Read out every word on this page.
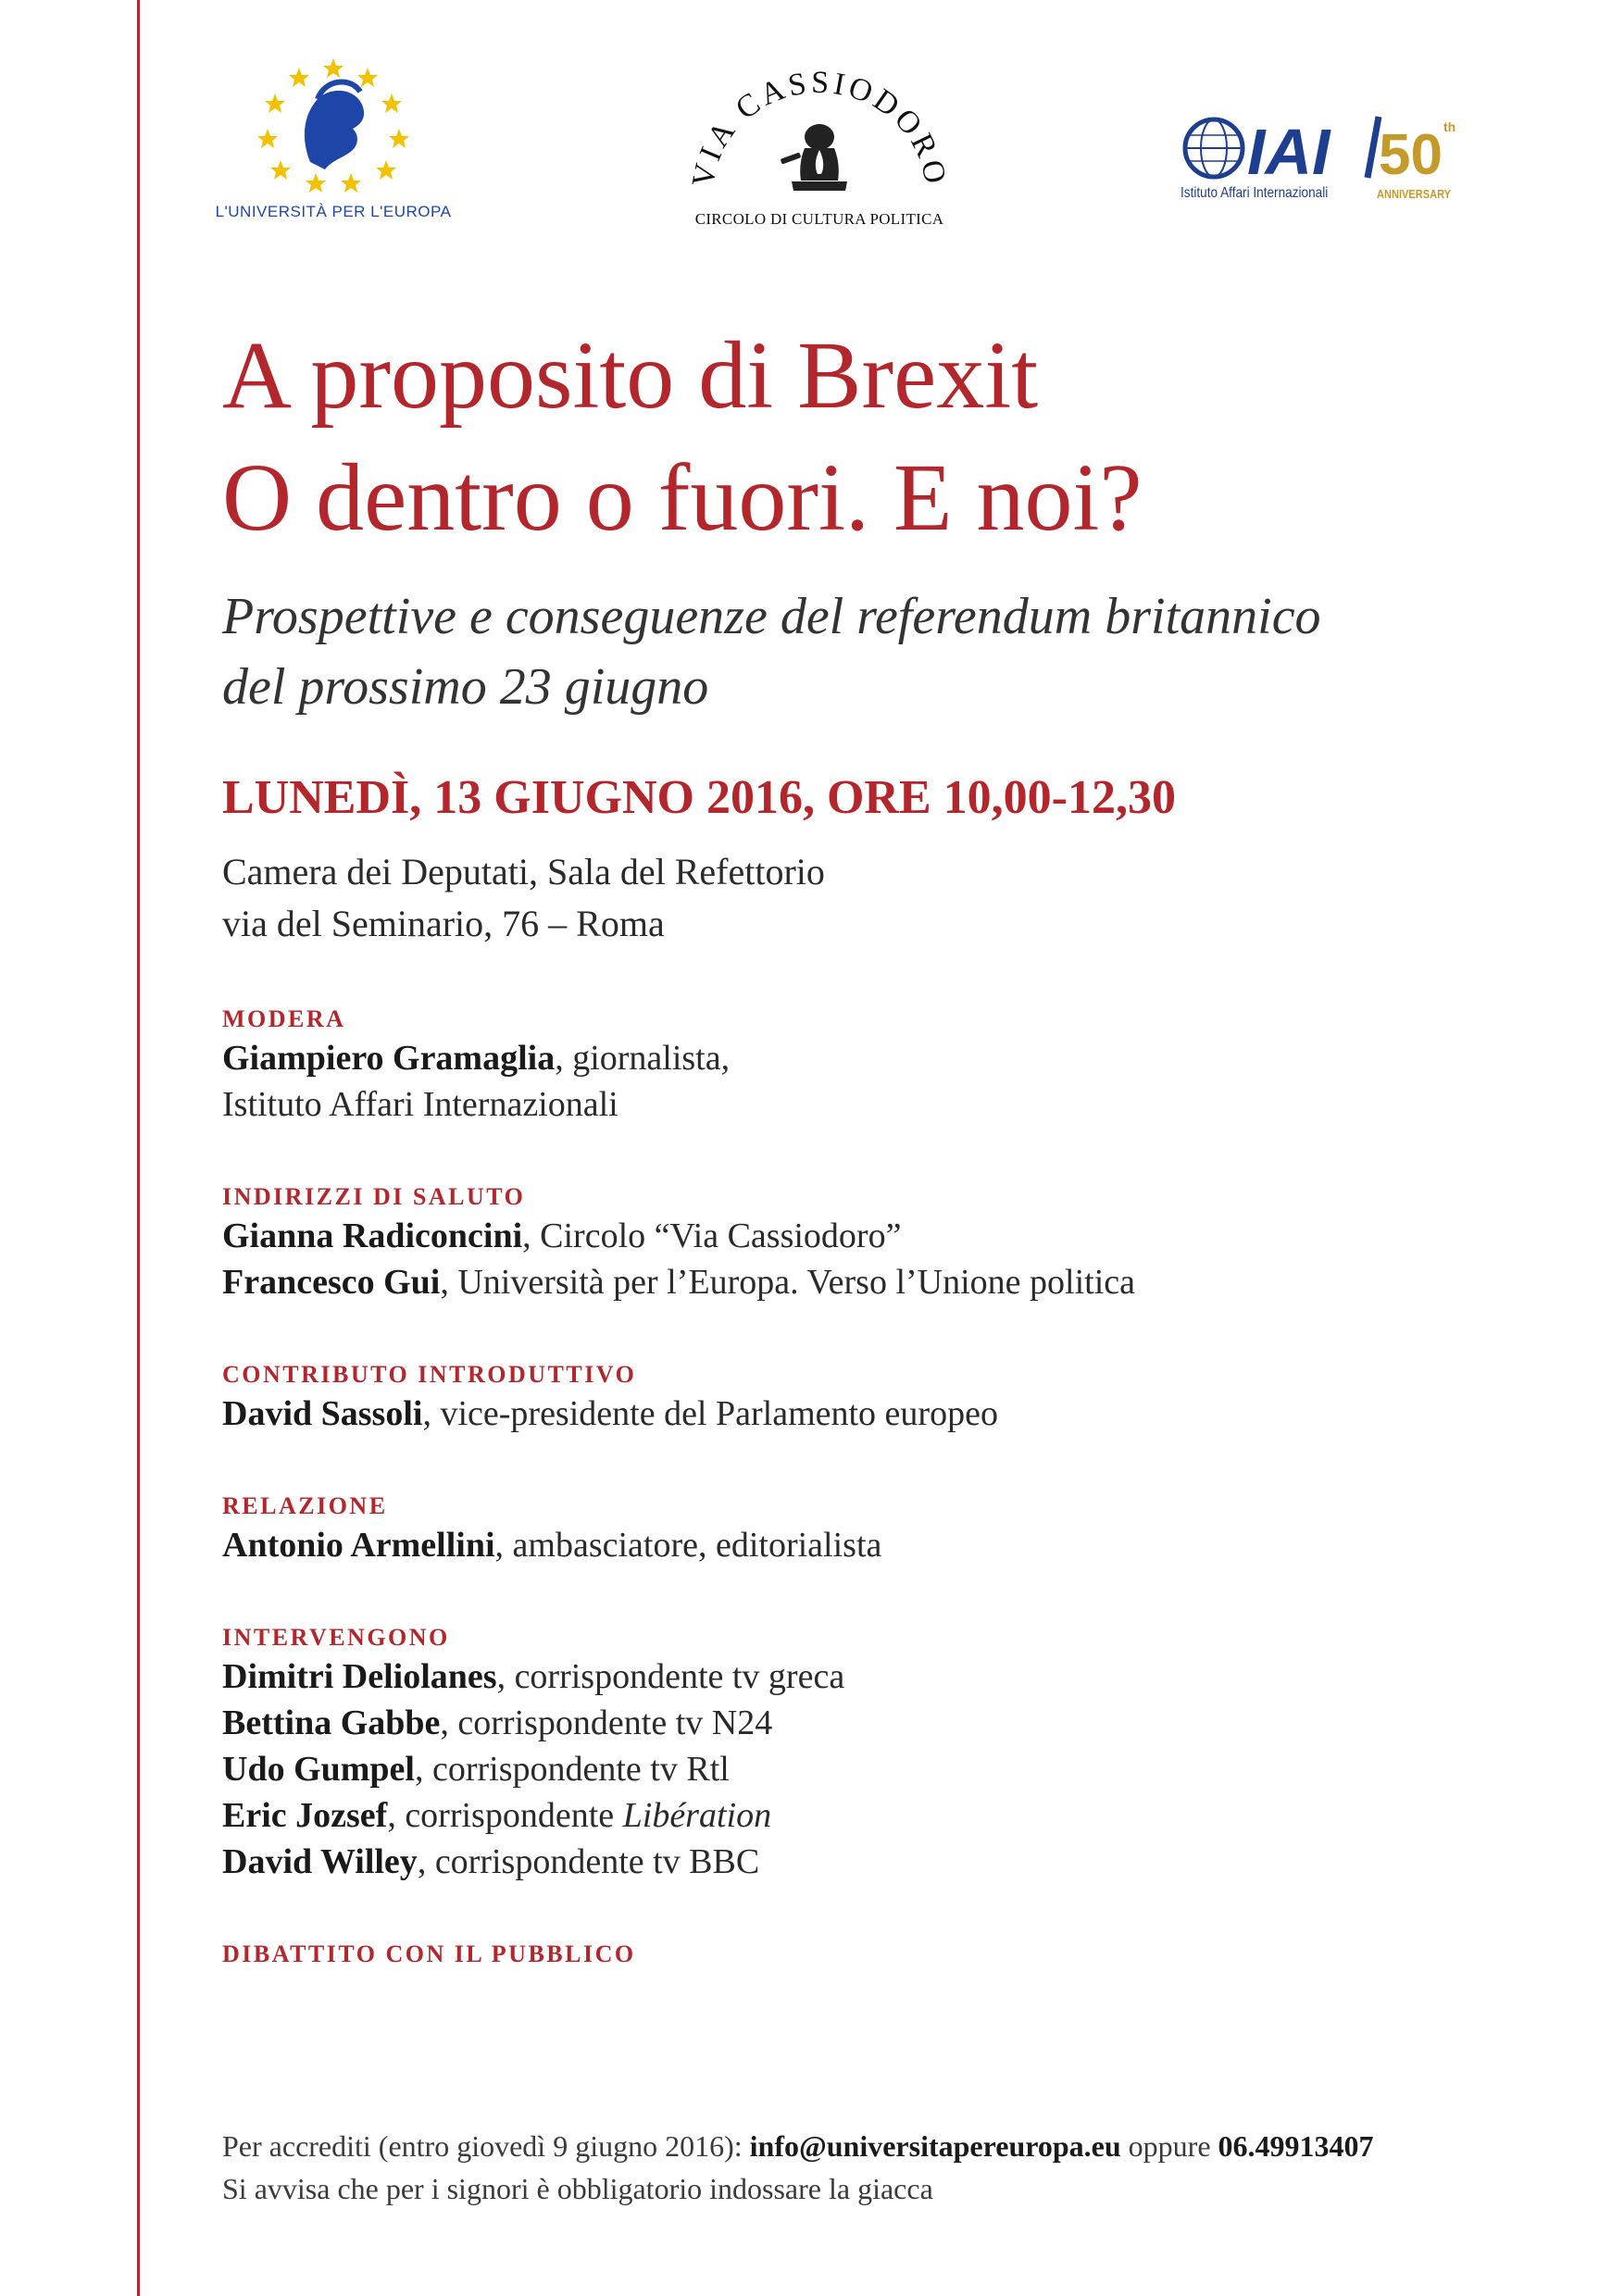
L'UNIVERSITÀ PER L'EUROPA
VIA CASSIODORO
CIRCOLO DI CULTURA POLITICA
IAI 50 th
Istituto Affari Internazionali	ANNIVERSARY
A proposito di Brexit
O dentro o fuori. E noi?
Prospettive e conseguenze del referendum britannico
del prossimo 23 giugno
LUNEDÌ, 13 GIUGNO 2016, ORE 10,00-12,30
Camera dei Deputati, Sala del Refettorio
via del Seminario, 76 – Roma
MODERA
Giampiero Gramaglia, giornalista,
Istituto Affari Internazionali
INDIRIZZI DI SALUTO
Gianna Radiconcini, Circolo “Via Cassiodoro”
Francesco Gui, Università per l’Europa. Verso l’Unione politica
CONTRIBUTO INTRODUTTIVO
David Sassoli, vice-presidente del Parlamento europeo
RELAZIONE
Antonio Armellini, ambasciatore, editorialista
INTERVENGONO
Dimitri Deliolanes, corrispondente tv greca
Bettina Gabbe, corrispondente tv N24
Udo Gumpel, corrispondente tv Rtl
Eric Jozsef, corrispondente Libération
David Willey, corrispondente tv BBC
DIBATTITO CON IL PUBBLICO
Per accrediti (entro giovedì 9 giugno 2016): info@universitapereuropa.eu oppure 06.49913407
Si avvisa che per i signori è obbligatorio indossare la giacca
